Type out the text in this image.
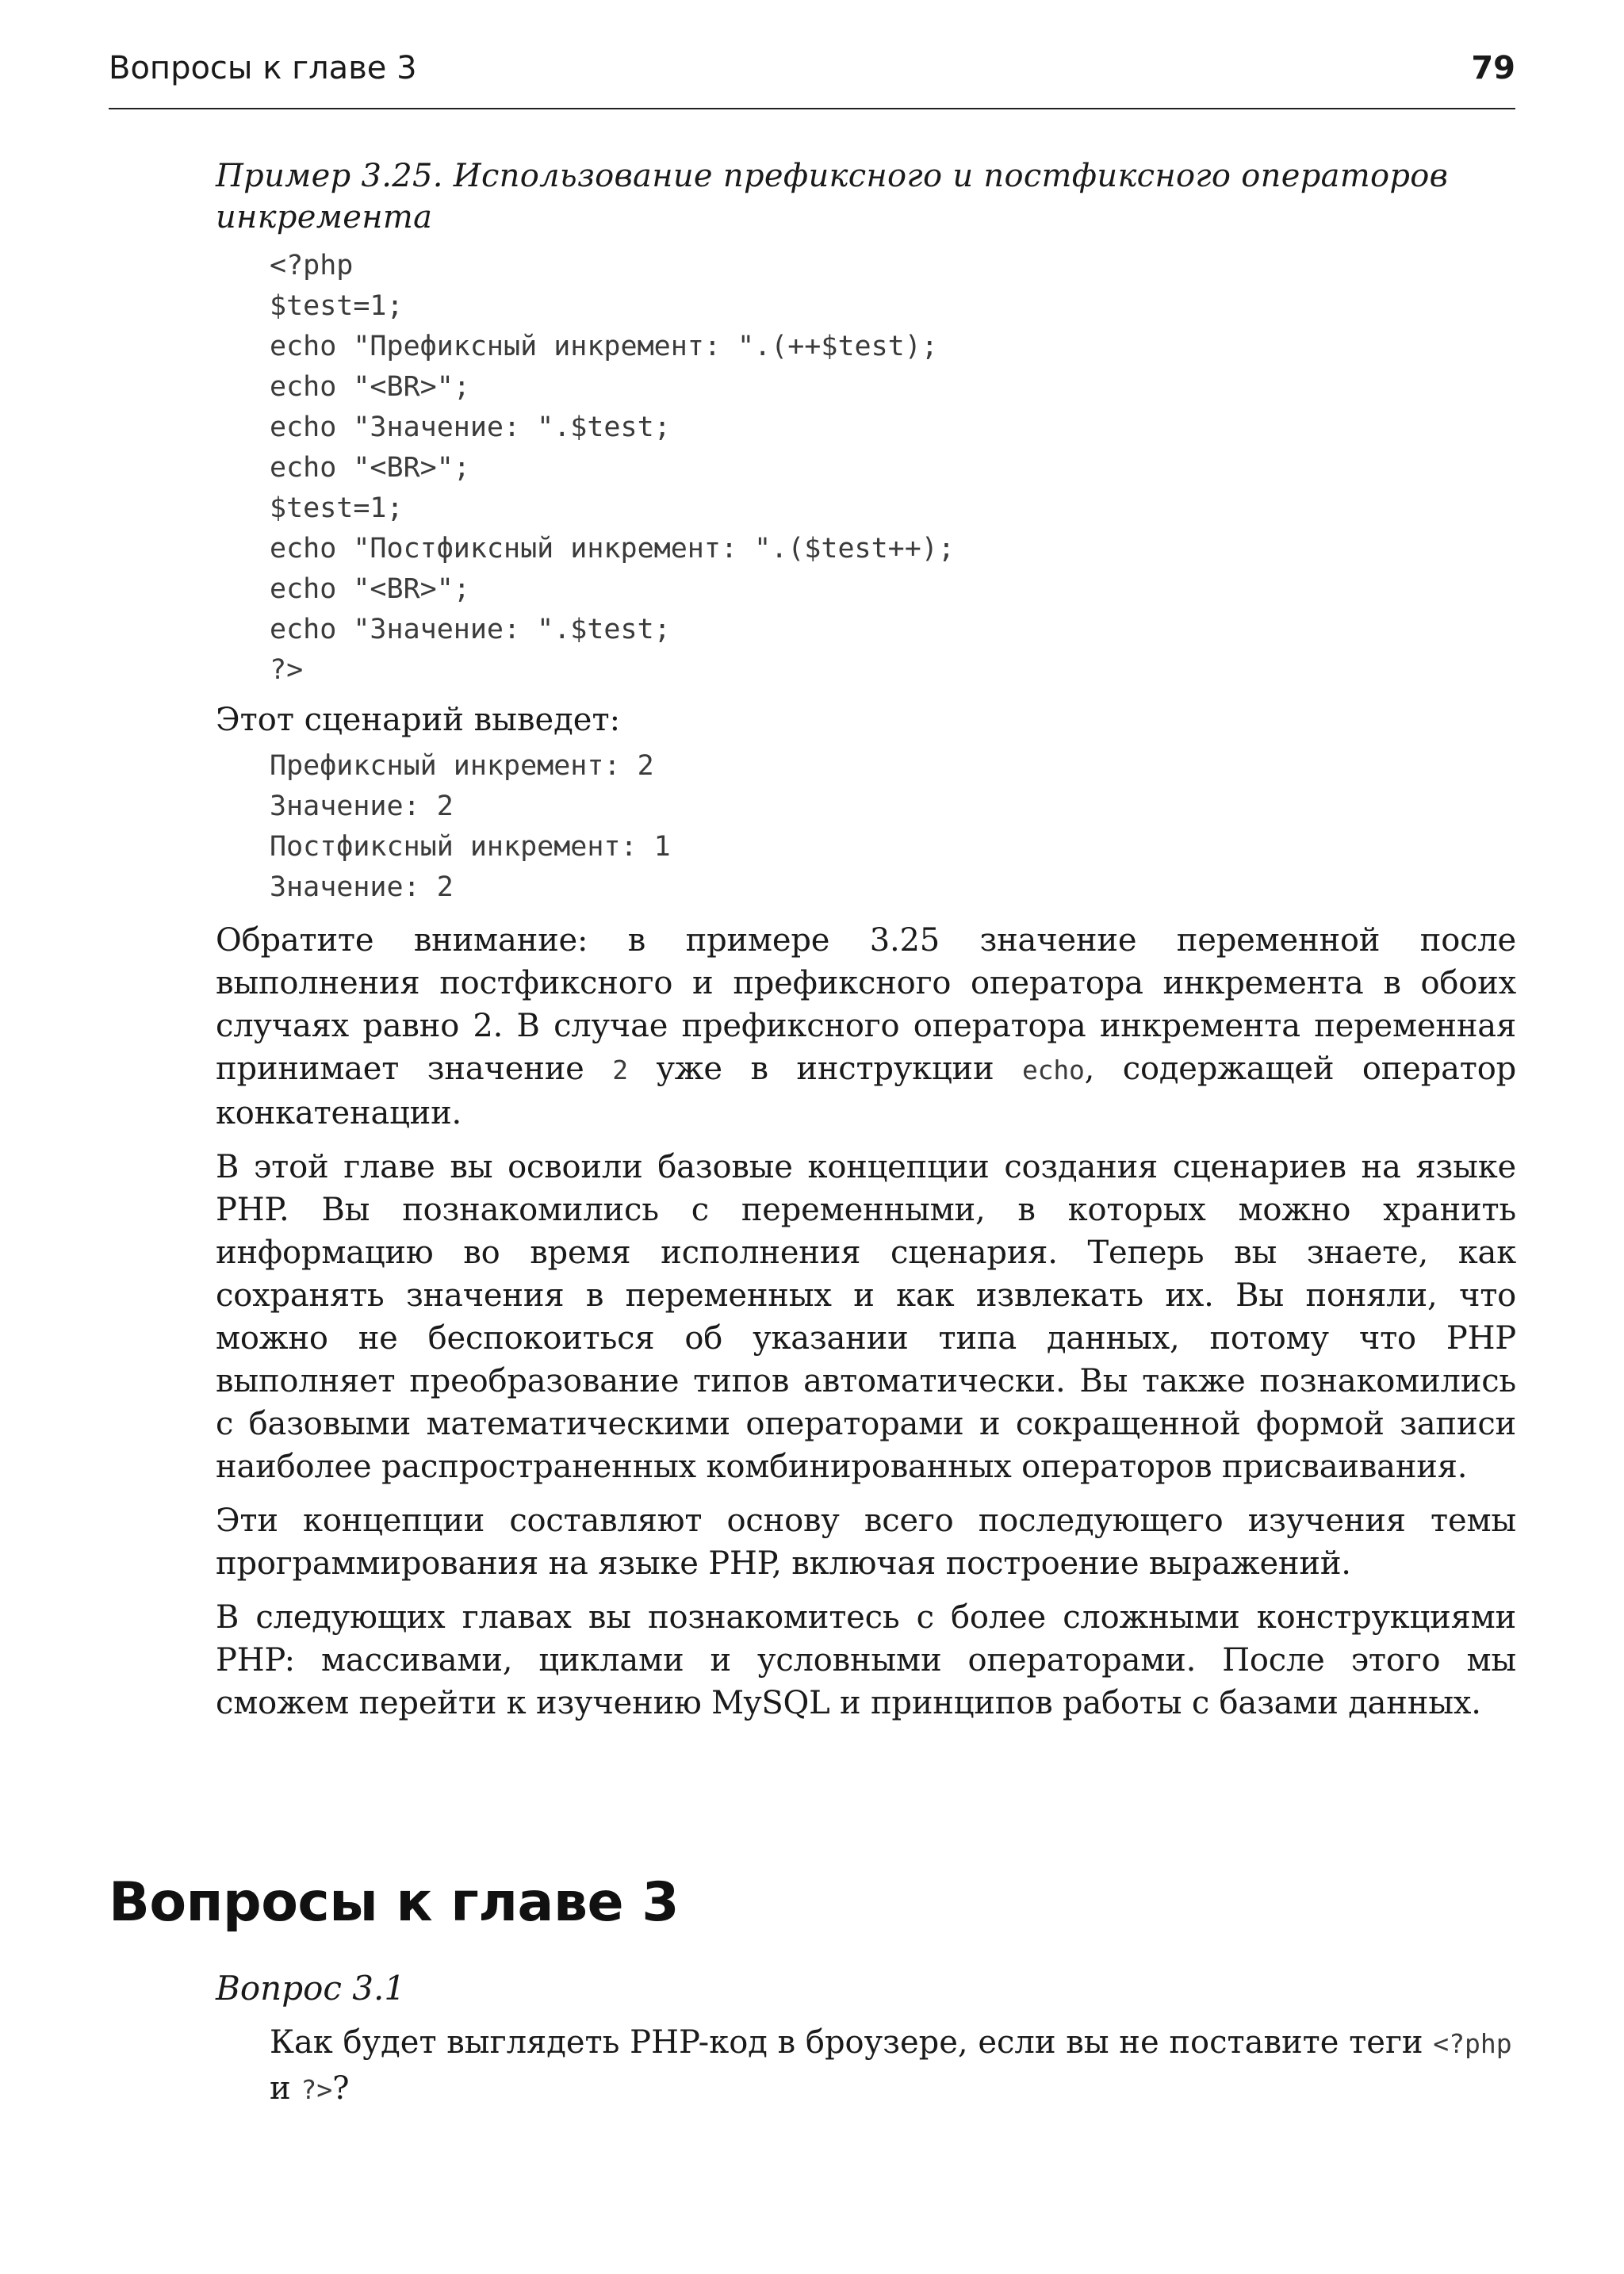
Вопросы к главе 3	79

Пример 3.25. Использование префиксного и постфиксного операторов инкремента

<?php
$test=1;
echo "Префиксный инкремент: ".(++$test);
echo "<BR>";
echo "Значение: ".$test;
echo "<BR>";
$test=1;
echo "Постфиксный инкремент: ".($test++);
echo "<BR>";
echo "Значение: ".$test;
?>

Этот сценарий выведет:

Префиксный инкремент: 2
Значение: 2
Постфиксный инкремент: 1
Значение: 2

Обратите внимание: в примере 3.25 значение переменной после выполнения постфиксного и префиксного оператора инкремента в обоих случаях равно 2. В случае префиксного оператора инкремента переменная принимает значение 2 уже в инструкции echo, содержащей оператор конкатенации.

В этой главе вы освоили базовые концепции создания сценариев на языке PHP. Вы познакомились с переменными, в которых можно хранить информацию во время исполнения сценария. Теперь вы знаете, как сохранять значения в переменных и как извлекать их. Вы поняли, что можно не беспокоиться об указании типа данных, потому что PHP выполняет преобразование типов автоматически. Вы также познакомились с базовыми математическими операторами и сокращенной формой записи наиболее распространенных комбинированных операторов присваивания.

Эти концепции составляют основу всего последующего изучения темы программирования на языке PHP, включая построение выражений.

В следующих главах вы познакомитесь с более сложными конструкциями PHP: массивами, циклами и условными операторами. После этого мы сможем перейти к изучению MySQL и принципов работы с базами данных.

Вопросы к главе 3

Вопрос 3.1

Как будет выглядеть PHP-код в броузере, если вы не поставите теги <?php и ?>?
